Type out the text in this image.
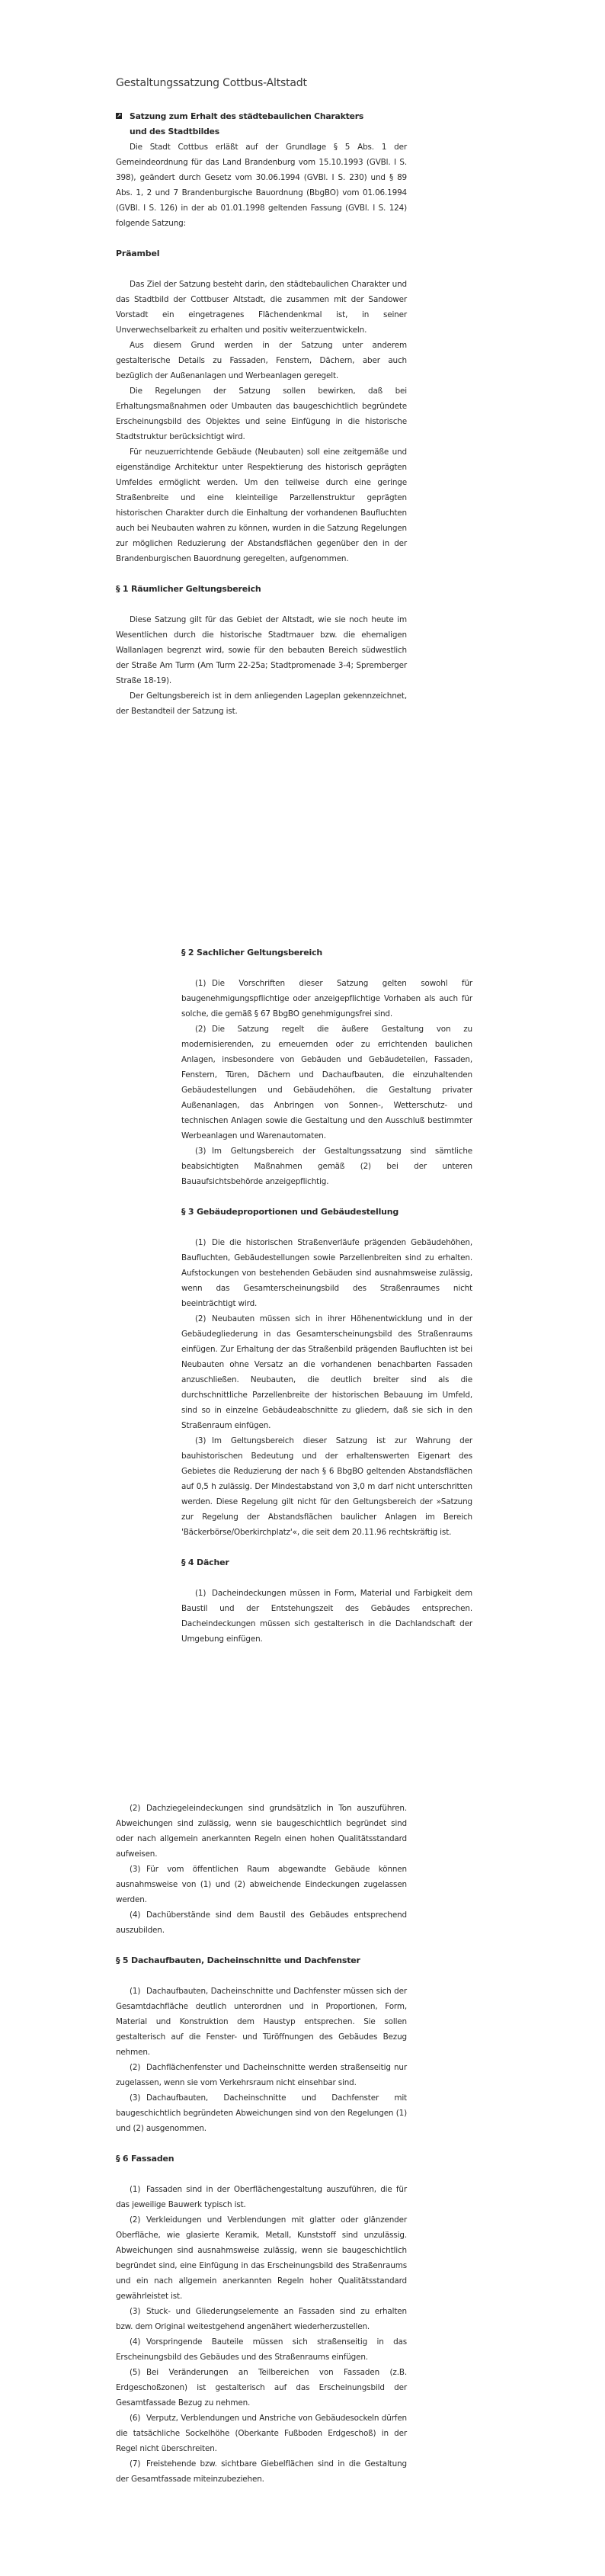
Gestaltungssatzung Cottbus-Altstadt
↗ Satzung zum Erhalt des städtebaulichen Charakters
und des Stadtbildes

Die Stadt Cottbus erläßt auf der Grundlage § 5 Abs. 1 der Gemeindeordnung für das Land Brandenburg vom 15.10.1993 (GVBl. I S. 398), geändert durch Gesetz vom 30.06.1994 (GVBl. I S. 230) und § 89 Abs. 1, 2 und 7 Brandenburgische Bauordnung (BbgBO) vom 01.06.1994 (GVBl. I S. 126) in der ab 01.01.1998 geltenden Fassung (GVBl. I S. 124) folgende Satzung:

Präambel

Das Ziel der Satzung besteht darin, den städtebaulichen Charakter und das Stadtbild der Cottbuser Altstadt, die zusammen mit der Sandower Vorstadt ein eingetragenes Flächendenkmal ist, in seiner Unverwechselbarkeit zu erhalten und positiv weiterzuentwickeln.

Aus diesem Grund werden in der Satzung unter anderem gestalterische Details zu Fassaden, Fenstern, Dächern, aber auch bezüglich der Außenanlagen und Werbeanlagen geregelt.

Die Regelungen der Satzung sollen bewirken, daß bei Erhaltungsmaßnahmen oder Umbauten das baugeschichtlich begründete Erscheinungsbild des Objektes und seine Einfügung in die historische Stadtstruktur berücksichtigt wird.

Für neuzuerrichtende Gebäude (Neubauten) soll eine zeitgemäße und eigenständige Architektur unter Respektierung des historisch geprägten Umfeldes ermöglicht werden. Um den teilweise durch eine geringe Straßenbreite und eine kleinteilige Parzellenstruktur geprägten historischen Charakter durch die Einhaltung der vorhandenen Baufluchten auch bei Neubauten wahren zu können, wurden in die Satzung Regelungen zur möglichen Reduzierung der Abstandsflächen gegenüber den in der Brandenburgischen Bauordnung geregelten, aufgenommen.

§ 1 Räumlicher Geltungsbereich

Diese Satzung gilt für das Gebiet der Altstadt, wie sie noch heute im Wesentlichen durch die historische Stadtmauer bzw. die ehemaligen Wallanlagen begrenzt wird, sowie für den bebauten Bereich südwestlich der Straße Am Turm (Am Turm 22-25a; Stadtpromenade 3-4; Spremberger Straße 18-19).

Der Geltungsbereich ist in dem anliegenden Lageplan gekennzeichnet, der Bestandteil der Satzung ist.

§ 2 Sachlicher Geltungsbereich

(1) Die Vorschriften dieser Satzung gelten sowohl für baugenehmigungspflichtige oder anzeigepflichtige Vorhaben als auch für solche, die gemäß § 67 BbgBO genehmigungsfrei sind.

(2) Die Satzung regelt die äußere Gestaltung von zu modernisierenden, zu erneuernden oder zu errichtenden baulichen Anlagen, insbesondere von Gebäuden und Gebäudeteilen, Fassaden, Fenstern, Türen, Dächern und Dachaufbauten, die einzuhaltenden Gebäudestellungen und Gebäudehöhen, die Gestaltung privater Außenanlagen, das Anbringen von Sonnen-, Wetterschutz- und technischen Anlagen sowie die Gestaltung und den Ausschluß bestimmter Werbeanlagen und Warenautomaten.

(3) Im Geltungsbereich der Gestaltungssatzung sind sämtliche beabsichtigten Maßnahmen gemäß (2) bei der unteren Bauaufsichtsbehörde anzeigepflichtig.

§ 3 Gebäudeproportionen und Gebäudestellung

(1) Die die historischen Straßenverläufe prägenden Gebäudehöhen, Baufluchten, Gebäudestellungen sowie Parzellenbreiten sind zu erhalten. Aufstockungen von bestehenden Gebäuden sind ausnahmsweise zulässig, wenn das Gesamterscheinungsbild des Straßenraumes nicht beeinträchtigt wird.

(2) Neubauten müssen sich in ihrer Höhenentwicklung und in der Gebäudegliederung in das Gesamterscheinungsbild des Straßenraums einfügen. Zur Erhaltung der das Straßenbild prägenden Baufluchten ist bei Neubauten ohne Versatz an die vorhandenen benachbarten Fassaden anzuschließen. Neubauten, die deutlich breiter sind als die durchschnittliche Parzellenbreite der historischen Bebauung im Umfeld, sind so in einzelne Gebäudeabschnitte zu gliedern, daß sie sich in den Straßenraum einfügen.

(3) Im Geltungsbereich dieser Satzung ist zur Wahrung der bauhistorischen Bedeutung und der erhaltenswerten Eigenart des Gebietes die Reduzierung der nach § 6 BbgBO geltenden Abstandsflächen auf 0,5 h zulässig. Der Mindestabstand von 3,0 m darf nicht unterschritten werden. Diese Regelung gilt nicht für den Geltungsbereich der »Satzung zur Regelung der Abstandsflächen baulicher Anlagen im Bereich 'Bäckerbörse/Oberkirchplatz'«, die seit dem 20.11.96 rechtskräftig ist.

§ 4 Dächer

(1) Dacheindeckungen müssen in Form, Material und Farbigkeit dem Baustil und der Entstehungszeit des Gebäudes entsprechen. Dacheindeckungen müssen sich gestalterisch in die Dachlandschaft der Umgebung einfügen.

(2) Dachziegeleindeckungen sind grundsätzlich in Ton auszuführen. Abweichungen sind zulässig, wenn sie baugeschichtlich begründet sind oder nach allgemein anerkannten Regeln einen hohen Qualitätsstandard aufweisen.

(3) Für vom öffentlichen Raum abgewandte Gebäude können ausnahmsweise von (1) und (2) abweichende Eindeckungen zugelassen werden.

(4) Dachüberstände sind dem Baustil des Gebäudes entsprechend auszubilden.

§ 5 Dachaufbauten, Dacheinschnitte und Dachfenster

(1) Dachaufbauten, Dacheinschnitte und Dachfenster müssen sich der Gesamtdachfläche deutlich unterordnen und in Proportionen, Form, Material und Konstruktion dem Haustyp entsprechen. Sie sollen gestalterisch auf die Fenster- und Türöffnungen des Gebäudes Bezug nehmen.

(2) Dachflächenfenster und Dacheinschnitte werden straßenseitig nur zugelassen, wenn sie vom Verkehrsraum nicht einsehbar sind.

(3) Dachaufbauten, Dacheinschnitte und Dachfenster mit baugeschichtlich begründeten Abweichungen sind von den Regelungen (1) und (2) ausgenommen.

§ 6 Fassaden

(1) Fassaden sind in der Oberflächengestaltung auszuführen, die für das jeweilige Bauwerk typisch ist.

(2) Verkleidungen und Verblendungen mit glatter oder glänzender Oberfläche, wie glasierte Keramik, Metall, Kunststoff sind unzulässig. Abweichungen sind ausnahmsweise zulässig, wenn sie baugeschichtlich begründet sind, eine Einfügung in das Erscheinungsbild des Straßenraums und ein nach allgemein anerkannten Regeln hoher Qualitätsstandard gewährleistet ist.

(3) Stuck- und Gliederungselemente an Fassaden sind zu erhalten bzw. dem Original weitestgehend angenähert wiederherzustellen.

(4) Vorspringende Bauteile müssen sich straßenseitig in das Erscheinungsbild des Gebäudes und des Straßenraums einfügen.

(5) Bei Veränderungen an Teilbereichen von Fassaden (z.B. Erdgeschoßzonen) ist gestalterisch auf das Erscheinungsbild der Gesamtfassade Bezug zu nehmen.

(6) Verputz, Verblendungen und Anstriche von Gebäudesockeln dürfen die tatsächliche Sockelhöhe (Oberkante Fußboden Erdgeschoß) in der Regel nicht überschreiten.

(7) Freistehende bzw. sichtbare Giebelflächen sind in die Gestaltung der Gesamtfassade miteinzubeziehen.
